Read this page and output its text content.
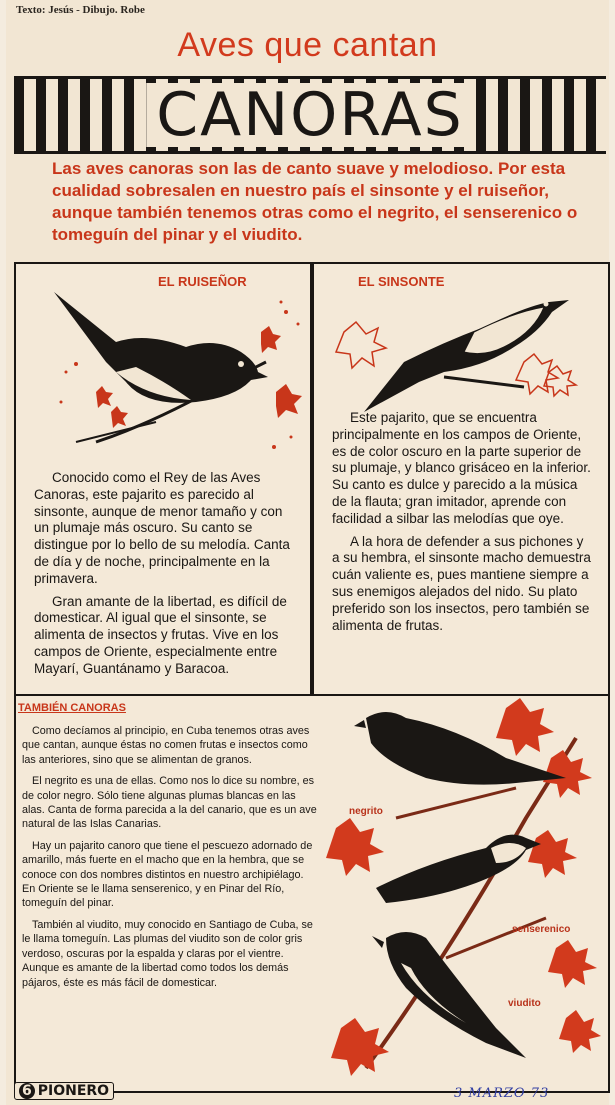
Texto: Jesús - Dibujo. Robe
Aves que cantan
CANORAS
Las aves canoras son las de canto suave y melodioso. Por esta cualidad sobresalen en nuestro país el sinsonte y el ruiseñor, aunque también tenemos otras como el negrito, el senserenico o tomeguín del pinar y el viudito.
EL RUISEÑOR

Conocido como el Rey de las Aves Canoras, este pajarito es parecido al sinsonte, aunque de menor tamaño y con un plumaje más oscuro. Su canto se distingue por lo bello de su melodía. Canta de día y de noche, principalmente en la primavera.

Gran amante de la libertad, es difícil de domesticar. Al igual que el sinsonte, se alimenta de insectos y frutas. Vive en los campos de Oriente, especialmente entre Mayarí, Guantánamo y Baracoa.

EL SINSONTE

Este pajarito, que se encuentra principalmente en los campos de Oriente, es de color oscuro en la parte superior de su plumaje, y blanco grisáceo en la inferior. Su canto es dulce y parecido a la música de la flauta; gran imitador, aprende con facilidad a silbar las melodías que oye.

A la hora de defender a sus pichones y a su hembra, el sinsonte macho demuestra cuán valiente es, pues mantiene siempre a sus enemigos alejados del nido. Su plato preferido son los insectos, pero también se alimenta de frutas.

TAMBIÉN CANORAS

Como decíamos al principio, en Cuba tenemos otras aves que cantan, aunque éstas no comen frutas e insectos como las anteriores, sino que se alimentan de granos.

El negrito es una de ellas. Como nos lo dice su nombre, es de color negro. Sólo tiene algunas plumas blancas en las alas. Canta de forma parecida a la del canario, que es un ave natural de las Islas Canarias.

Hay un pajarito canoro que tiene el pescuezo adornado de amarillo, más fuerte en el macho que en la hembra, que se conoce con dos nombres distintos en nuestro archipiélago. En Oriente se le llama senserenico, y en Pinar del Río, tomeguín del pinar.

También al viudito, muy conocido en Santiago de Cuba, se le llama tomeguín. Las plumas del viudito son de color gris verdoso, oscuras por la espalda y claras por el vientre. Aunque es amante de la libertad como todos los demás pájaros, éste es más fácil de domesticar.

negrito
senserenico
viudito
6 PIONERO	3 MARZO 73
